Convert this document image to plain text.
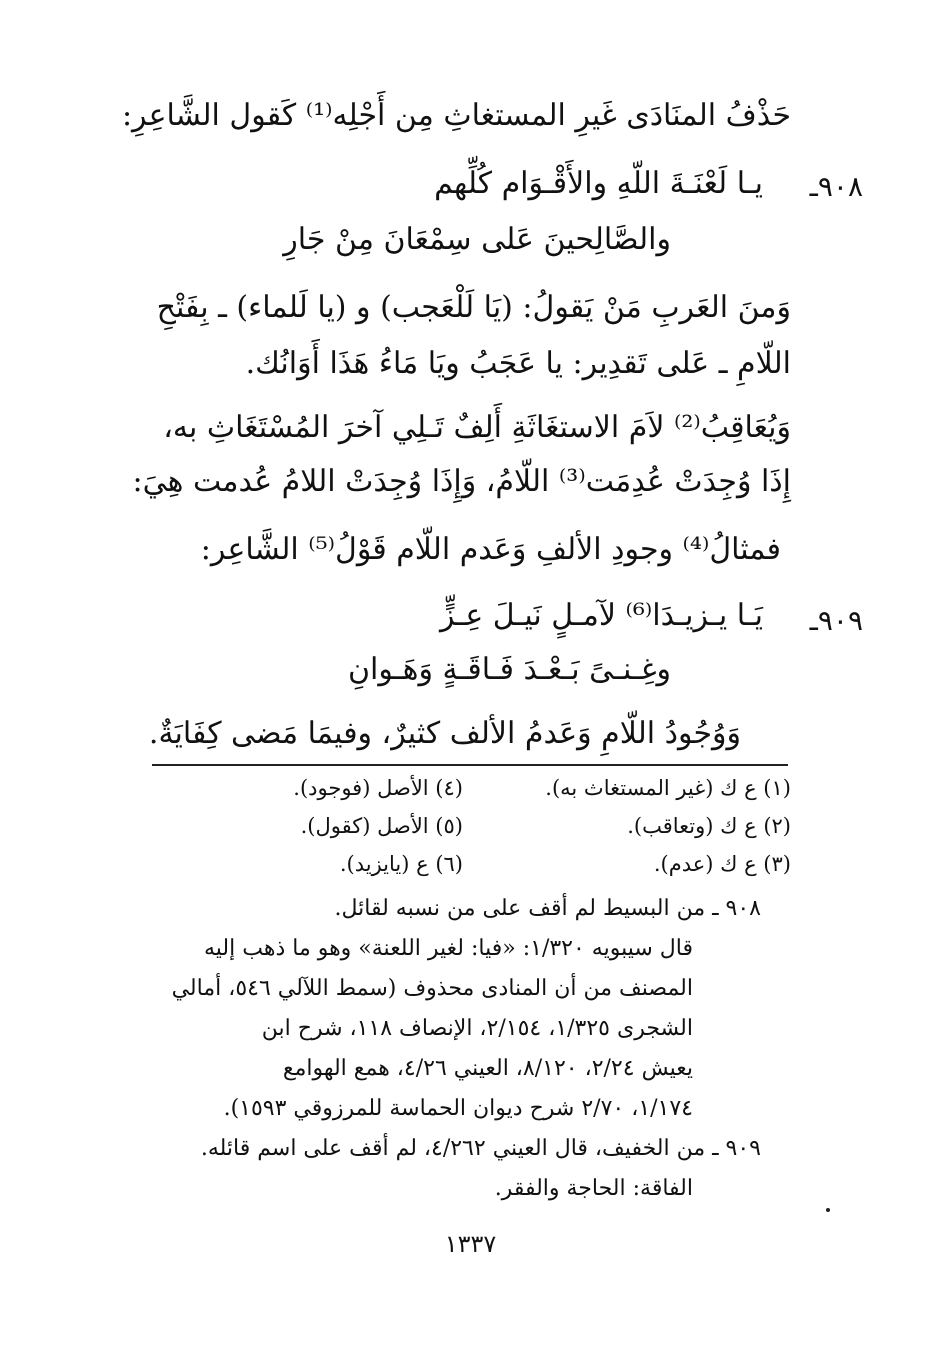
حَذْفُ المنَادَى غَيرِ المستغاثِ مِن أَجْلِه⁽¹⁾ كَقول الشَّاعِرِ:
٩٠٨ـ
يـا لَعْنَـةَ اللّهِ والأَقْـوَام كُلِّهم
والصَّالِحينَ عَلى سِمْعَانَ مِنْ جَارِ
وَمنَ العَربِ مَنْ يَقولُ: (يَا لَلْعَجب) و (يا لَلماء) ـ بِفَتْحِ
اللّامِ ـ عَلى تَقدِير: يا عَجَبُ ويَا مَاءُ هَذَا أَوَانُك.
وَيُعَاقِبُ⁽²⁾ لاَمَ الاستغَاثَةِ أَلِفٌ تَـلِي آخرَ المُسْتَغَاثِ به،
إِذَا وُجِدَتْ عُدِمَت⁽³⁾ اللّامُ، وَإِذَا وُجِدَتْ اللامُ عُدمت هِيَ:
فمثالُ⁽⁴⁾ وجودِ الألفِ وَعَدم اللّام قَوْلُ⁽⁵⁾ الشَّاعِر:
٩٠٩ـ
يَـا يـزيـدَا⁽⁶⁾ لآمـلٍ نَيـلَ عِـزٍّ
وغِـنـىً بَـعْـدَ فَـاقَـةٍ وَهَـوانِ
وَوُجُودُ اللّامِ وَعَدمُ الألف كثيرٌ، وفيمَا مَضى كِفَايَةٌ.
(١) ع ك (غير المستغاث به).
(٤) الأصل (فوجود).
(٢) ع ك (وتعاقب).
(٥) الأصل (كقول).
(٣) ع ك (عدم).
(٦) ع (يايزيد).
٩٠٨ ـ من البسيط لم أقف على من نسبه لقائل.
قال سيبويه ١/٣٢٠: «فيا: لغير اللعنة» وهو ما ذهب إليه
المصنف من أن المنادى محذوف (سمط اللآلي ٥٤٦، أمالي
الشجرى ١/٣٢٥، ٢/١٥٤، الإنصاف ١١٨، شرح ابن
يعيش ٢/٢٤، ٨/١٢٠، العيني ٤/٢٦، همع الهوامع
١/١٧٤، ٢/٧٠ شرح ديوان الحماسة للمرزوقي ١٥٩٣).
٩٠٩ ـ من الخفيف، قال العيني ٤/٢٦٢، لم أقف على اسم قائله.
الفاقة: الحاجة والفقر.
١٣٣٧
